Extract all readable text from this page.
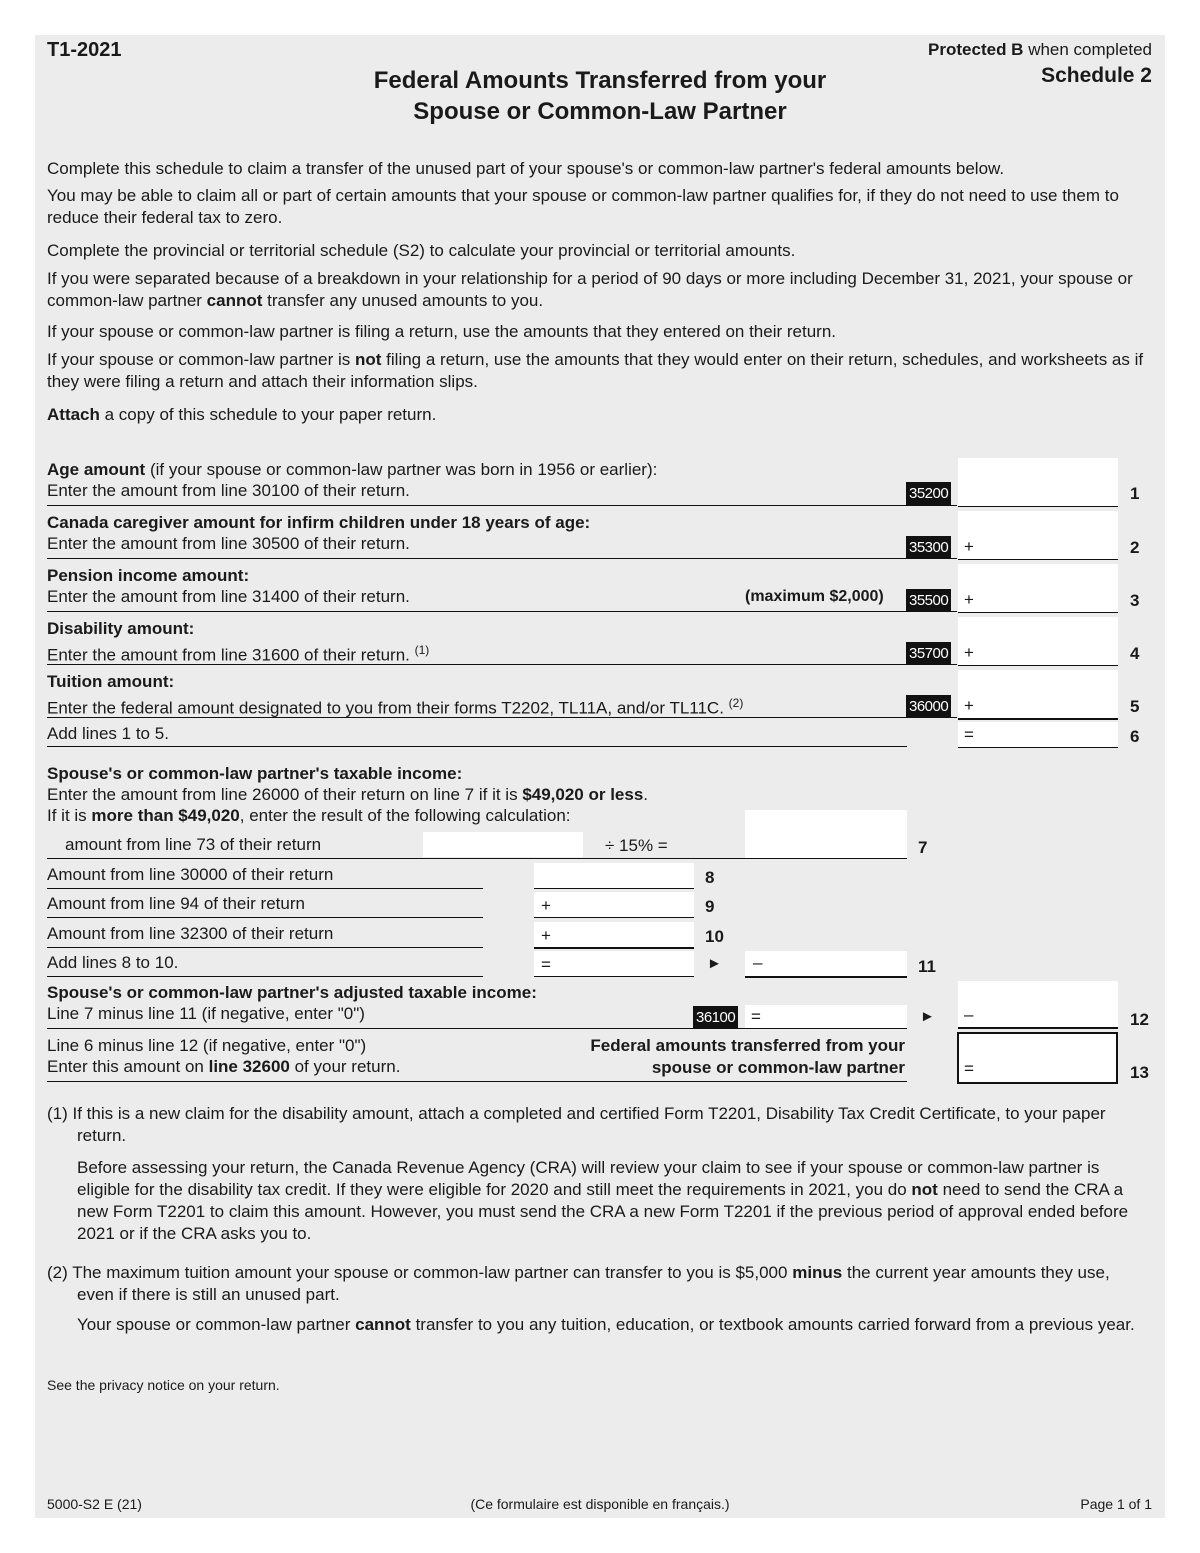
T1-2021	Protected B when completed
Schedule 2
Federal Amounts Transferred from your
Spouse or Common-Law Partner
Complete this schedule to claim a transfer of the unused part of your spouse's or common-law partner's federal amounts below.
You may be able to claim all or part of certain amounts that your spouse or common-law partner qualifies for, if they do not need to use them to reduce their federal tax to zero.
Complete the provincial or territorial schedule (S2) to calculate your provincial or territorial amounts.
If you were separated because of a breakdown in your relationship for a period of 90 days or more including December 31, 2021, your spouse or common-law partner cannot transfer any unused amounts to you.
If your spouse or common-law partner is filing a return, use the amounts that they entered on their return.
If your spouse or common-law partner is not filing a return, use the amounts that they would enter on their return, schedules, and worksheets as if they were filing a return and attach their information slips.
Attach a copy of this schedule to your paper return.
Age amount (if your spouse or common-law partner was born in 1956 or earlier):
Enter the amount from line 30100 of their return.	35200	1
Canada caregiver amount for infirm children under 18 years of age:
Enter the amount from line 30500 of their return.	35300 +	2
Pension income amount:
Enter the amount from line 31400 of their return.	(maximum $2,000) 35500 +	3
Disability amount:
Enter the amount from line 31600 of their return. $^{(1)}$	35700 +	4
Tuition amount:
Enter the federal amount designated to you from their forms T2202, TL11A, and/or TL11C. $^{(2)}$	36000 +	5
Add lines 1 to 5.	=	6
Spouse's or common-law partner's taxable income:
Enter the amount from line 26000 of their return on line 7 if it is $49,020 or less.
If it is more than $49,020, enter the result of the following calculation:
amount from line 73 of their return	÷ 15% =	7
Amount from line 30000 of their return	8
Amount from line 94 of their return	+	9
Amount from line 32300 of their return	+	10
Add lines 8 to 10.	=	► –	11
Spouse's or common-law partner's adjusted taxable income:
Line 7 minus line 11 (if negative, enter "0")	36100 =	► –	12
Line 6 minus line 12 (if negative, enter "0")
Enter this amount on line 32600 of your return.
Federal amounts transferred from your
spouse or common-law partner	=	13
(1) If this is a new claim for the disability amount, attach a completed and certified Form T2201, Disability Tax Credit Certificate, to your paper return.
Before assessing your return, the Canada Revenue Agency (CRA) will review your claim to see if your spouse or common-law partner is eligible for the disability tax credit. If they were eligible for 2020 and still meet the requirements in 2021, you do not need to send the CRA a new Form T2201 to claim this amount. However, you must send the CRA a new Form T2201 if the previous period of approval ended before 2021 or if the CRA asks you to.
(2) The maximum tuition amount your spouse or common-law partner can transfer to you is $5,000 minus the current year amounts they use, even if there is still an unused part.
Your spouse or common-law partner cannot transfer to you any tuition, education, or textbook amounts carried forward from a previous year.
See the privacy notice on your return.
5000-S2 E (21)	(Ce formulaire est disponible en français.)	Page 1 of 1
